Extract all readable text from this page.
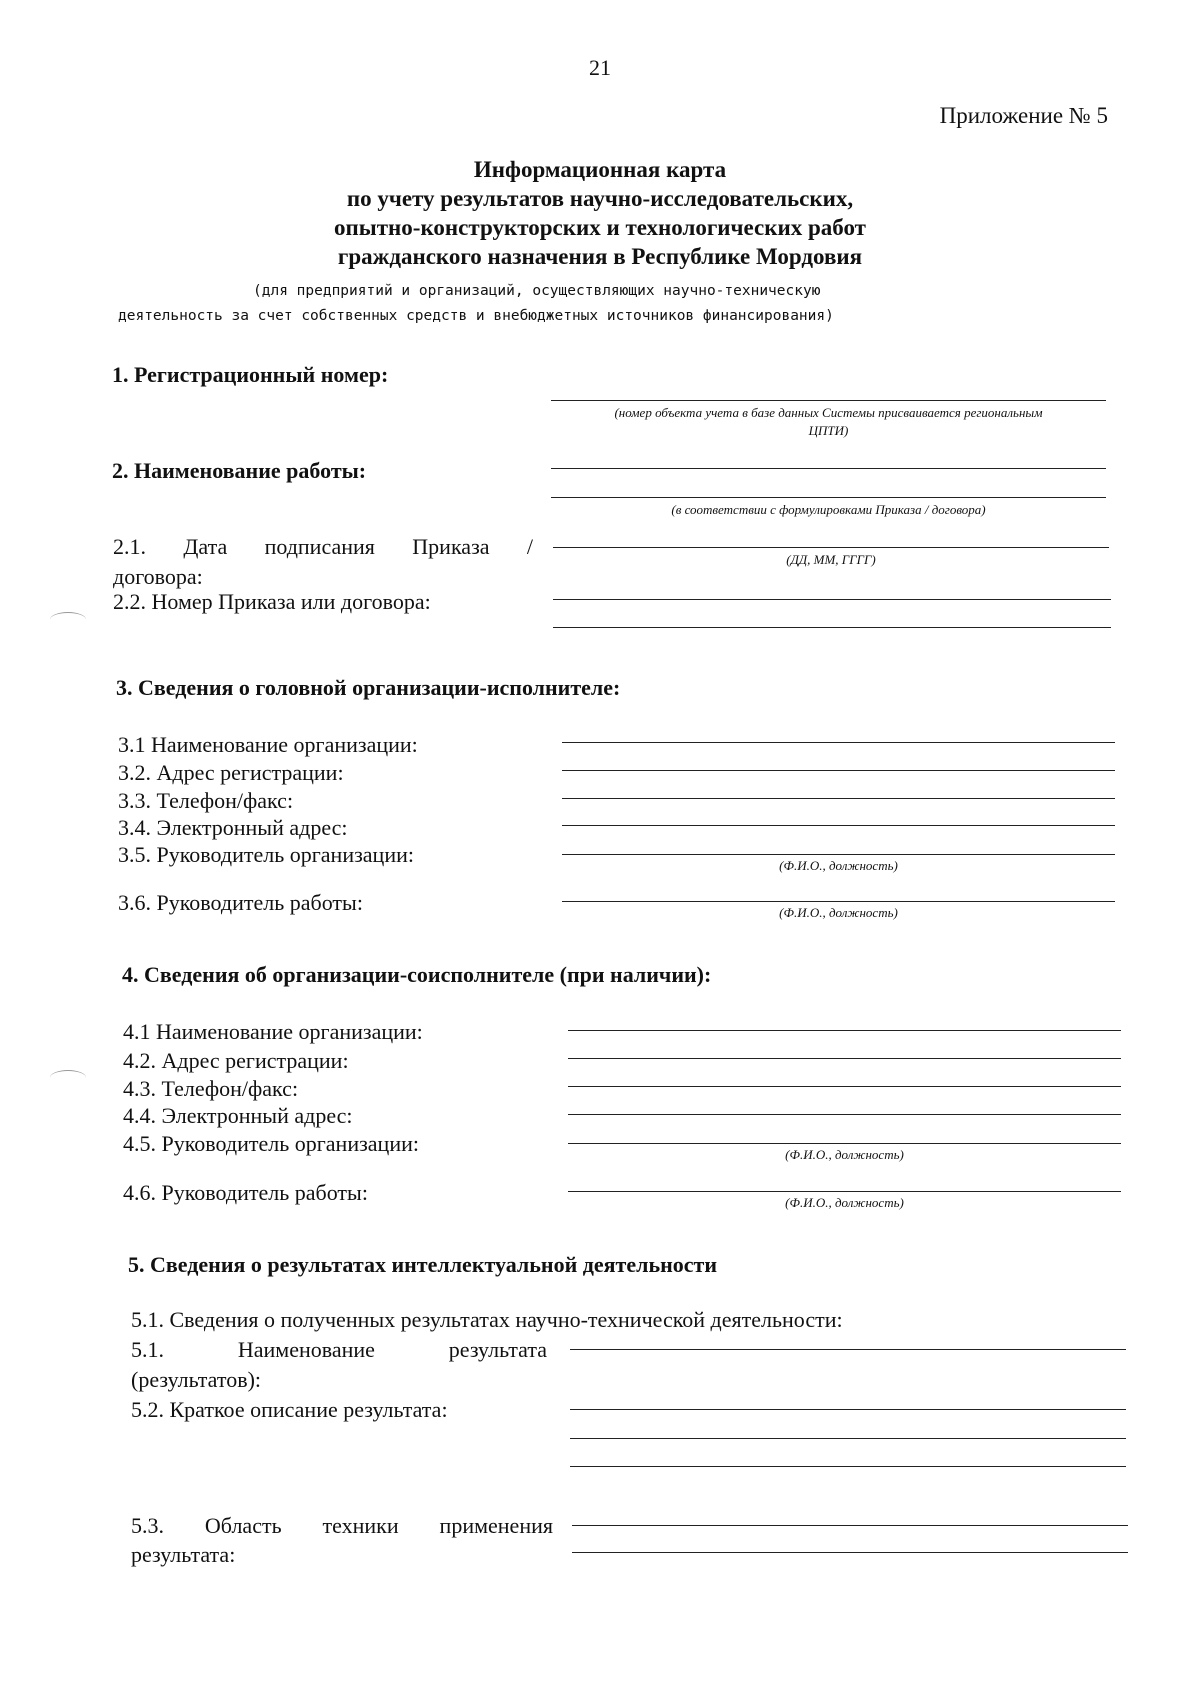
21
Приложение № 5
Информационная карта
по учету результатов научно-исследовательских,
опытно-конструкторских и технологических работ
гражданского назначения в Республике Мордовия
(для предприятий и организаций, осуществляющих научно-техническую
деятельность за счет собственных средств и внебюджетных источников финансирования)
1. Регистрационный номер:
(номер объекта учета в базе данных Системы присваивается региональным
ЦПТИ)
2. Наименование работы:
(в соответствии с формулировками Приказа / договора)
2.1. Дата подписания Приказа /
договора:
(ДД, ММ, ГГГГ)
2.2. Номер Приказа или договора:
3. Сведения о головной организации-исполнителе:
3.1 Наименование организации:
3.2. Адрес регистрации:
3.3. Телефон/факс:
3.4. Электронный адрес:
3.5. Руководитель организации:	(Ф.И.О., должность)
3.6. Руководитель работы:	(Ф.И.О., должность)
4. Сведения об организации-соисполнителе (при наличии):
4.1 Наименование организации:
4.2. Адрес регистрации:
4.3. Телефон/факс:
4.4. Электронный адрес:
4.5. Руководитель организации:	(Ф.И.О., должность)
4.6. Руководитель работы:	(Ф.И.О., должность)
5. Сведения о результатах интеллектуальной деятельности
5.1. Сведения о полученных результатах научно-технической деятельности:
5.1. Наименование результата
(результатов):
5.2. Краткое описание результата:
5.3. Область техники применения
результата:
